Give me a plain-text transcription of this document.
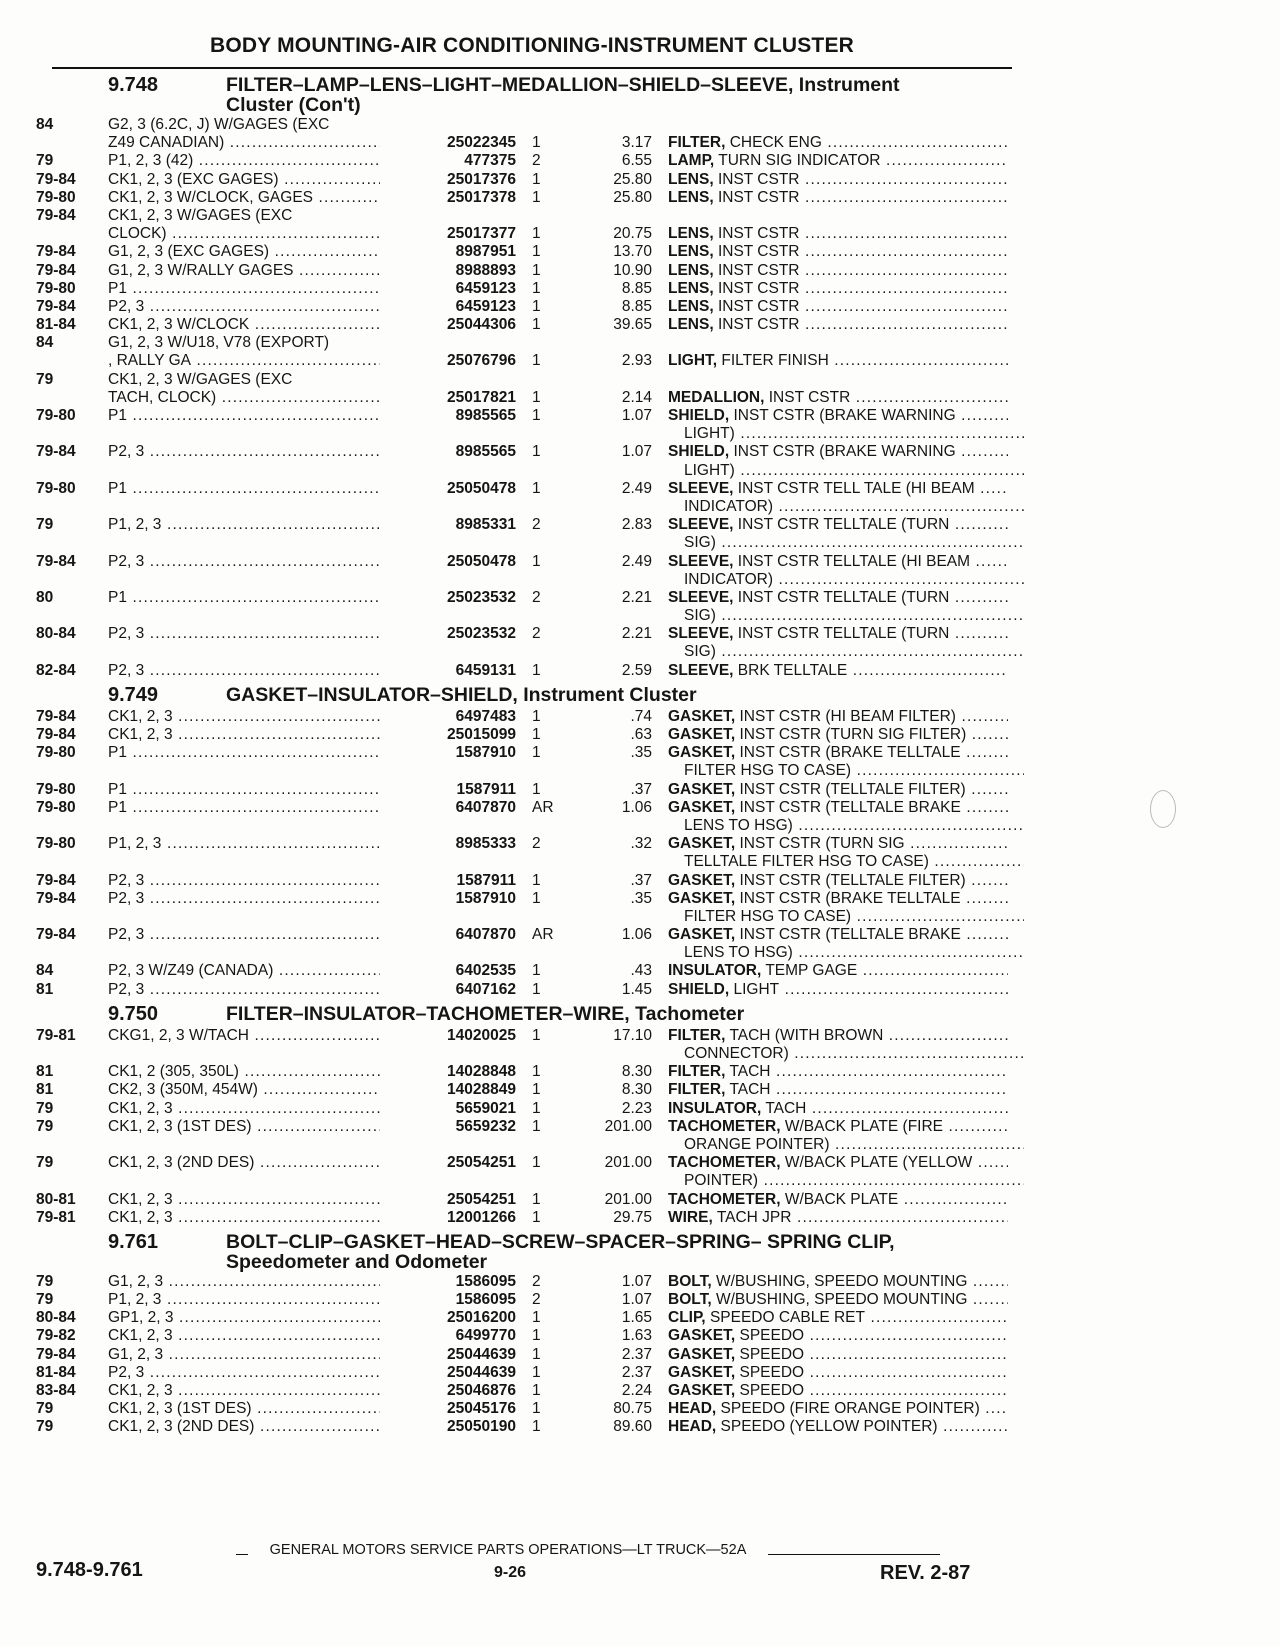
BODY MOUNTING-AIR CONDITIONING-INSTRUMENT CLUSTER
9.748	FILTER–LAMP–LENS–LIGHT–MEDALLION–SHIELD–SLEEVE, Instrument
Cluster (Con't)
84	G2, 3 (6.2C, J) W/GAGES (EXC
Z49 CANADIAN) .....	25022345 1	3.17 FILTER, CHECK ENG .....
79	P1, 2, 3 (42) .....	477375 2	6.55 LAMP, TURN SIG INDICATOR .....
79-84 CK1, 2, 3 (EXC GAGES) .....	25017376 1	25.80 LENS, INST CSTR .....
79-80 CK1, 2, 3 W/CLOCK, GAGES .....	25017378 1	25.80 LENS, INST CSTR .....
79-84 CK1, 2, 3 W/GAGES (EXC
CLOCK) .....	25017377 1	20.75 LENS, INST CSTR .....
79-84 G1, 2, 3 (EXC GAGES) .....	8987951 1	13.70 LENS, INST CSTR .....
79-84 G1, 2, 3 W/RALLY GAGES .....	8988893 1	10.90 LENS, INST CSTR .....
79-80 P1 .....	6459123 1	8.85 LENS, INST CSTR .....
79-84 P2, 3 .....	6459123 1	8.85 LENS, INST CSTR .....
81-84 CK1, 2, 3 W/CLOCK .....	25044306 1	39.65 LENS, INST CSTR .....
84	G1, 2, 3 W/U18, V78 (EXPORT)
, RALLY GA .....	25076796 1	2.93 LIGHT, FILTER FINISH .....
79	CK1, 2, 3 W/GAGES (EXC
TACH, CLOCK) .....	25017821 1	2.14 MEDALLION, INST CSTR .....
79-80 P1 .....	8985565 1	1.07 SHIELD, INST CSTR (BRAKE WARNING .....
LIGHT) .....
79-84 P2, 3 .....	8985565 1	1.07 SHIELD, INST CSTR (BRAKE WARNING .....
LIGHT) .....
79-80 P1 .....	25050478 1	2.49 SLEEVE, INST CSTR TELL TALE (HI BEAM .....
INDICATOR) .....
79	P1, 2, 3 .....	8985331 2	2.83 SLEEVE, INST CSTR TELLTALE (TURN .....
SIG) .....
79-84 P2, 3 .....	25050478 1	2.49 SLEEVE, INST CSTR TELLTALE (HI BEAM .....
INDICATOR) .....
80	P1 .....	25023532 2	2.21 SLEEVE, INST CSTR TELLTALE (TURN .....
SIG) .....
80-84 P2, 3 .....	25023532 2	2.21 SLEEVE, INST CSTR TELLTALE (TURN .....
SIG) .....
82-84 P2, 3 .....	6459131 1	2.59 SLEEVE, BRK TELLTALE .....
9.749	GASKET–INSULATOR–SHIELD, Instrument Cluster
79-84 CK1, 2, 3 .....	6497483 1	.74 GASKET, INST CSTR (HI BEAM FILTER) .....
79-84 CK1, 2, 3 .....	25015099 1	.63 GASKET, INST CSTR (TURN SIG FILTER) .....
79-80 P1 .....	1587910 1	.35 GASKET, INST CSTR (BRAKE TELLTALE .....
FILTER HSG TO CASE) .....
79-80 P1 .....	1587911 1	.37 GASKET, INST CSTR (TELLTALE FILTER) .....
79-80 P1 .....	6407870 AR	1.06 GASKET, INST CSTR (TELLTALE BRAKE .....
LENS TO HSG) .....
79-80 P1, 2, 3 .....	8985333 2	.32 GASKET, INST CSTR (TURN SIG .....
TELLTALE FILTER HSG TO CASE) .....
79-84 P2, 3 .....	1587911 1	.37 GASKET, INST CSTR (TELLTALE FILTER) .....
79-84 P2, 3 .....	1587910 1	.35 GASKET, INST CSTR (BRAKE TELLTALE .....
FILTER HSG TO CASE) .....
79-84 P2, 3 .....	6407870 AR	1.06 GASKET, INST CSTR (TELLTALE BRAKE .....
LENS TO HSG) .....
84	P2, 3 W/Z49 (CANADA) .....	6402535 1	.43 INSULATOR, TEMP GAGE .....
81	P2, 3 .....	6407162 1	1.45 SHIELD, LIGHT .....
9.750	FILTER–INSULATOR–TACHOMETER–WIRE, Tachometer
79-81 CKG1, 2, 3 W/TACH .....	14020025 1	17.10 FILTER, TACH (WITH BROWN .....
CONNECTOR) .....
81	CK1, 2 (305, 350L) .....	14028848 1	8.30 FILTER, TACH .....
81	CK2, 3 (350M, 454W) .....	14028849 1	8.30 FILTER, TACH .....
79	CK1, 2, 3 .....	5659021 1	2.23 INSULATOR, TACH .....
79	CK1, 2, 3 (1ST DES) .....	5659232 1	201.00 TACHOMETER, W/BACK PLATE (FIRE .....
ORANGE POINTER) .....
79	CK1, 2, 3 (2ND DES) .....	25054251 1	201.00 TACHOMETER, W/BACK PLATE (YELLOW .....
POINTER) .....
80-81 CK1, 2, 3 .....	25054251 1	201.00 TACHOMETER, W/BACK PLATE .....
79-81 CK1, 2, 3 .....	12001266 1	29.75 WIRE, TACH JPR .....
9.761	BOLT–CLIP–GASKET–HEAD–SCREW–SPACER–SPRING– SPRING CLIP,
Speedometer and Odometer
79	G1, 2, 3 .....	1586095 2	1.07 BOLT, W/BUSHING, SPEEDO MOUNTING .....
79	P1, 2, 3 .....	1586095 2	1.07 BOLT, W/BUSHING, SPEEDO MOUNTING .....
80-84 GP1, 2, 3 .....	25016200 1	1.65 CLIP, SPEEDO CABLE RET .....
79-82 CK1, 2, 3 .....	6499770 1	1.63 GASKET, SPEEDO .....
79-84 G1, 2, 3 .....	25044639 1	2.37 GASKET, SPEEDO .....
81-84 P2, 3 .....	25044639 1	2.37 GASKET, SPEEDO .....
83-84 CK1, 2, 3 .....	25046876 1	2.24 GASKET, SPEEDO .....
79	CK1, 2, 3 (1ST DES) .....	25045176 1	80.75 HEAD, SPEEDO (FIRE ORANGE POINTER) .....
79	CK1, 2, 3 (2ND DES) .....	25050190 1	89.60 HEAD, SPEEDO (YELLOW POINTER) .....
GENERAL MOTORS SERVICE PARTS OPERATIONS—LT TRUCK—52A
9.748-9.761	9-26	REV. 2-87
